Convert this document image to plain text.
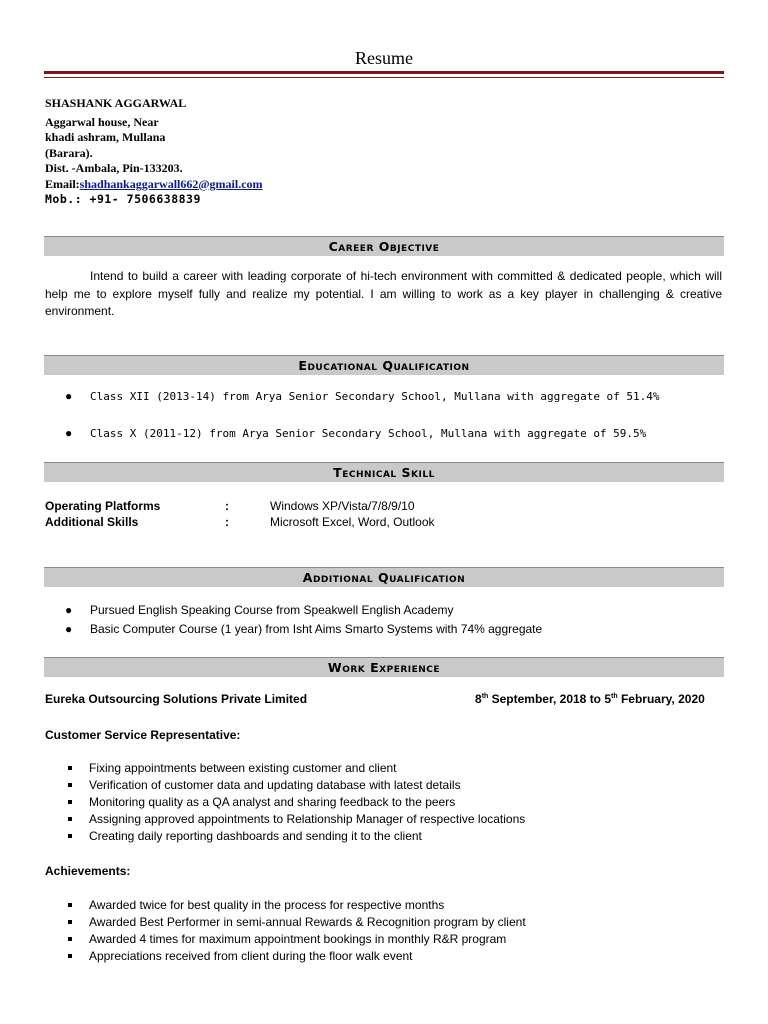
Resume
SHASHANK AGGARWAL
Aggarwal house, Near
khadi ashram, Mullana
(Barara).
Dist. -Ambala, Pin-133203.
Email:shadhankaggarwall662@gmail.com
Mob.: +91- 7506638839
Career Objective
Intend to build a career with leading corporate of hi-tech environment with committed & dedicated people, which will help me to explore myself fully and realize my potential. I am willing to work as a key player in challenging & creative environment.
Educational Qualification
● Class XII (2013-14) from Arya Senior Secondary School, Mullana with aggregate of 51.4%
● Class X (2011-12) from Arya Senior Secondary School, Mullana with aggregate of 59.5%
Technical Skill
Operating Platforms	:	Windows XP/Vista/7/8/9/10
Additional Skills	:	Microsoft Excel, Word, Outlook
Additional Qualification
● Pursued English Speaking Course from Speakwell English Academy
● Basic Computer Course (1 year) from Isht Aims Smarto Systems with 74% aggregate
Work Experience
Eureka Outsourcing Solutions Private Limited	8th September, 2018 to 5th February, 2020
Customer Service Representative:
Fixing appointments between existing customer and client
Verification of customer data and updating database with latest details
Monitoring quality as a QA analyst and sharing feedback to the peers
Assigning approved appointments to Relationship Manager of respective locations
Creating daily reporting dashboards and sending it to the client
Achievements:
Awarded twice for best quality in the process for respective months
Awarded Best Performer in semi-annual Rewards & Recognition program by client
Awarded 4 times for maximum appointment bookings in monthly R&R program
Appreciations received from client during the floor walk event
